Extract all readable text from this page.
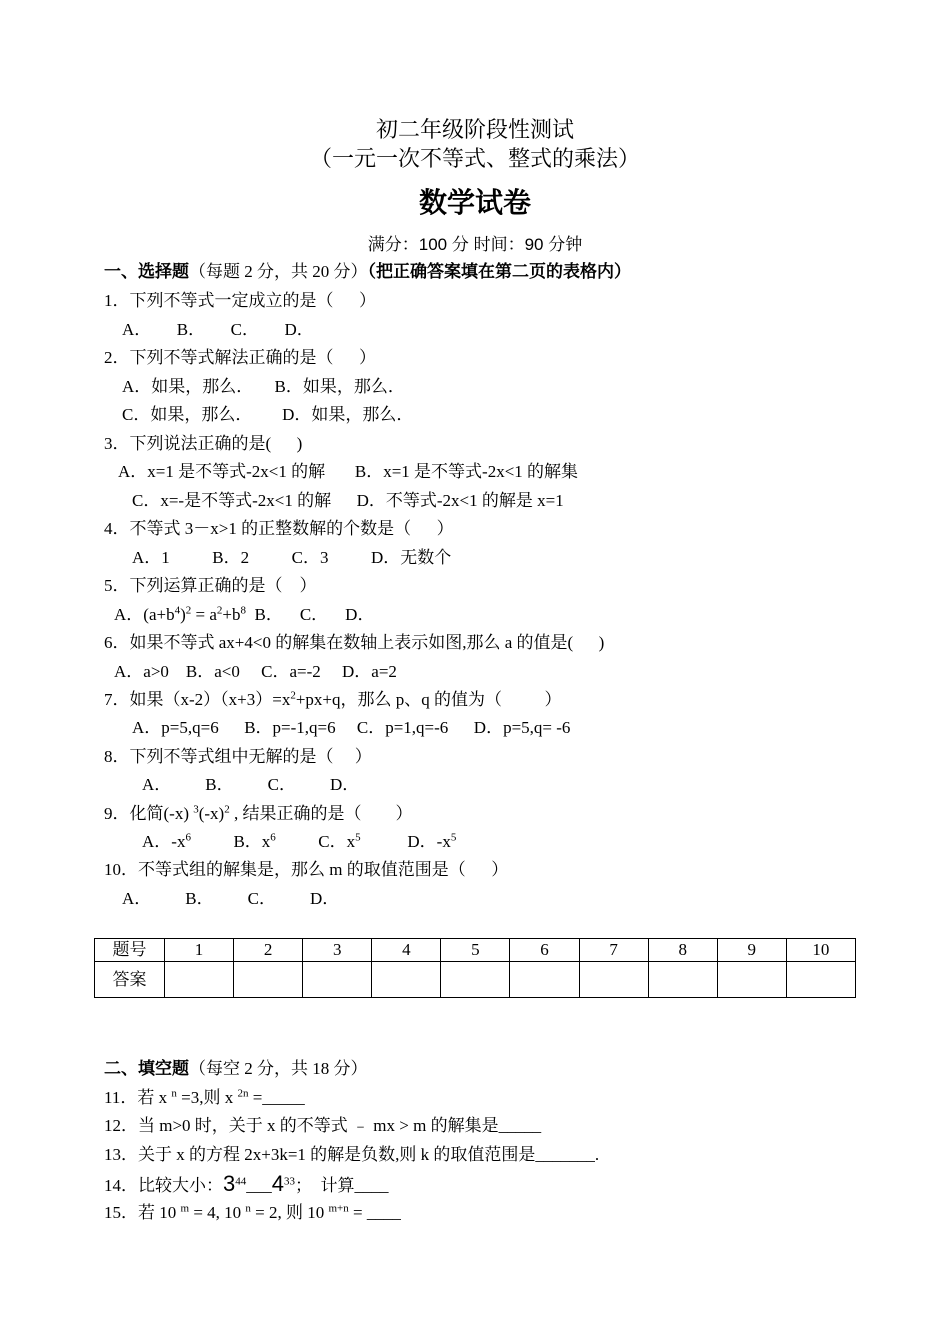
初二年级阶段性测试
（一元一次不等式、整式的乘法）
数学试卷
满分：100 分 时间：90 分钟
一、选择题（每题 2 分，共 20 分）（把正确答案填在第二页的表格内）
1．下列不等式一定成立的是（      ）
A．      B．      C．      D．
2．下列不等式解法正确的是（      ）
A．如果，那么．     B．如果，那么．
C．如果，那么．       D．如果，那么．
3．下列说法正确的是(      )
A．x=1 是不等式-2x<1 的解       B．x=1 是不等式-2x<1 的解集
C．x=-是不等式-2x<1 的解      D．不等式-2x<1 的解是 x=1
4．不等式 3－x>1 的正整数解的个数是（      ）
A．1          B．2          C．3          D．无数个
5．下列运算正确的是（    ）
A．$(a+b^4)^2 = a^2+b^8$  B．    C．    D．
6．如果不等式 ax+4<0 的解集在数轴上表示如图,那么 a 的值是(      )
A．a>0    B．a<0     C．a=-2     D．a=2
7．如果$(x-2)(x+3)=x^2+px+q$，那么 p、q 的值为（          ）
A．p=5,q=6      B．p=-1,q=6     C．p=1,q=-6      D．p=5,q= -6
8．下列不等式组中无解的是（     ）
A．        B．        C．        D．
9．化简(-x) $^3(-x)^2$ , 结果正确的是（        ）
A．$-x^6$          B．$x^6$          C．$x^5$           D．$-x^5$
10．不等式组的解集是，那么 m 的取值范围是（      ）
A．        B．        C．        D．
题号	1	2	3	4	5	6	7	8	9	10
答案										
二、填空题（每空 2 分，共 18 分）
11．若 x $^n$ =3,则 x $^{2n}$ =_____
12．当 m>0 时，关于 x 的不等式 ﹣ mx > m 的解集是_____
13．关于 x 的方程 2x+3k=1 的解是负数,则 k 的取值范围是_______.
14．比较大小：$3^{44}\_\_\_4^{33}$；  计算____
15．若 10 $^m$ = 4, 10 $^n$ = 2, 则 10 $^{m+n}$ = ____
